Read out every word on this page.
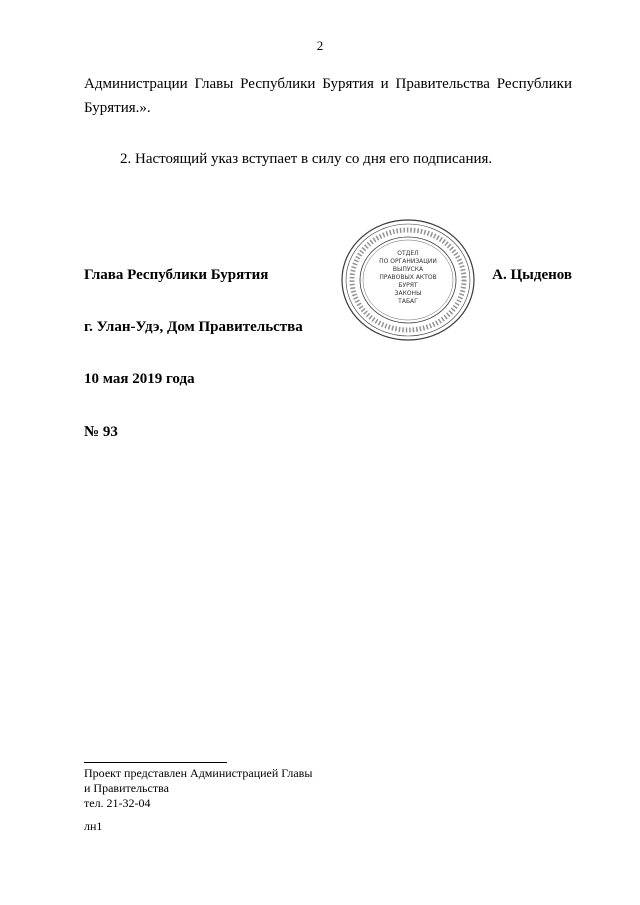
2
Администрации Главы Республики Бурятия и Правительства Республики Бурятия.».
2. Настоящий указ вступает в силу со дня его подписания.
Глава Республики Бурятия
ОТДЕЛ
ПО ОРГАНИЗАЦИИ
ВЫПУСКА
ПРАВОВЫХ АКТОВ
БУРЯТ
ЗАКОНЫ
ТАБАГ
А. Цыденов
г. Улан-Удэ, Дом Правительства
10 мая 2019 года
№ 93
Проект представлен Администрацией Главы
и Правительства
тел. 21-32-04
лн1
